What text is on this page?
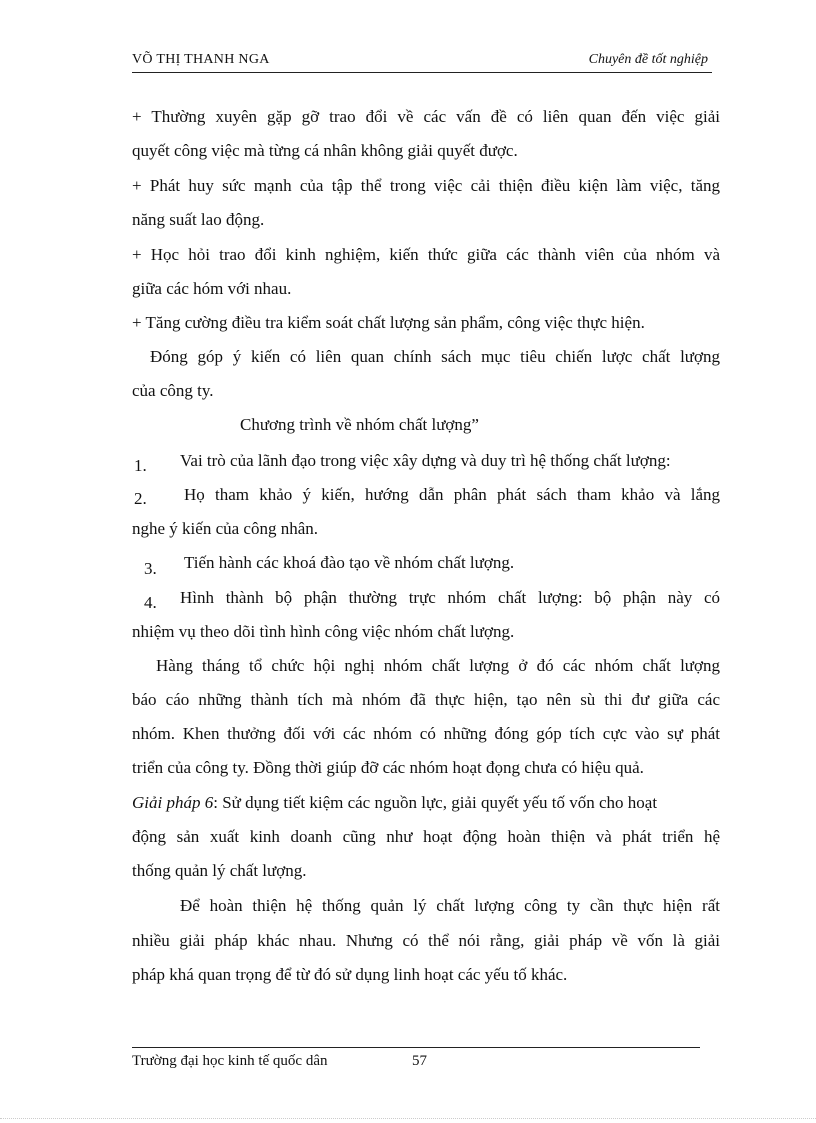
VÕ THỊ THANH NGA	Chuyên đề tốt nghiệp
+ Thường xuyên gặp gỡ trao đổi về các vấn đề có liên quan đến việc giải
quyết công việc mà từng cá nhân không giải quyết được.
+ Phát huy sức mạnh của tập thể trong việc cải thiện điều kiện làm việc, tăng
năng suất lao động.
+ Học hỏi trao đổi kinh nghiệm, kiến thức giữa các thành viên của nhóm và
giữa các hóm với nhau.
+ Tăng cường điều tra kiểm soát chất lượng sản phẩm, công việc thực hiện.
Đóng góp ý kiến có liên quan chính sách mục tiêu chiến lược chất lượng
của công ty.
Chương trình về nhóm chất lượng”
1. Vai trò của lãnh đạo trong việc xây dựng và duy trì hệ thống chất lượng:
2. Họ tham khảo ý kiến, hướng dẫn phân phát sách tham khảo và lắng
nghe ý kiến của công nhân.
3. Tiến hành các khoá đào tạo về nhóm chất lượng.
4. Hình thành bộ phận thường trực nhóm chất lượng: bộ phận này có
nhiệm vụ theo dõi tình hình công việc nhóm chất lượng.
Hàng tháng tổ chức hội nghị nhóm chất lượng ở đó các nhóm chất lượng
báo cáo những thành tích mà nhóm đã thực hiện, tạo nên sù thi đư giữa các
nhóm. Khen thưởng đối với các nhóm có những đóng góp tích cực vào sự phát
triển của công ty. Đồng thời giúp đỡ các nhóm hoạt đọng chưa có hiệu quả.
Giải pháp 6: Sử dụng tiết kiệm các nguồn lực, giải quyết yếu tố vốn cho hoạt
động sản xuất kinh doanh cũng như hoạt động hoàn thiện và phát triển hệ
thống quản lý chất lượng.
Để hoàn thiện hệ thống quản lý chất lượng công ty cần thực hiện rất
nhiều giải pháp khác nhau. Nhưng có thể nói rằng, giải pháp về vốn là giải
pháp khá quan trọng để từ đó sử dụng linh hoạt các yếu tố khác.
Trường đại học kinh tế quốc dân	57
